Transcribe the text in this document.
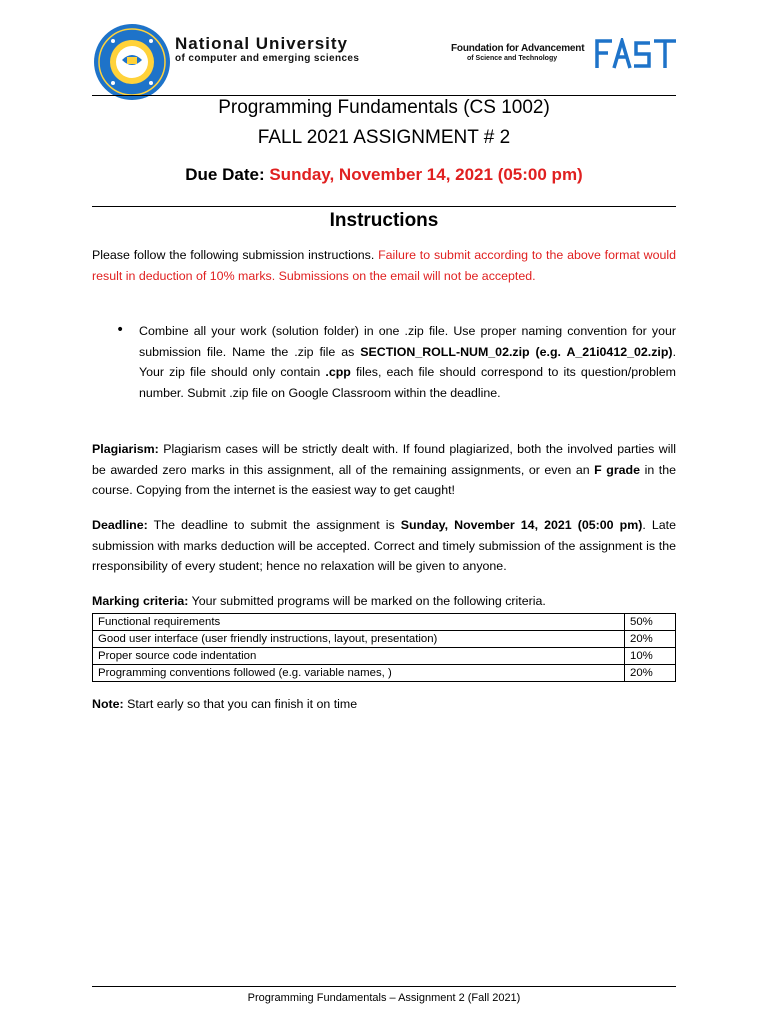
National University
of computer and emerging sciences
Foundation for Advancement
of Science and Technology
Programming Fundamentals (CS 1002)
FALL 2021 ASSIGNMENT # 2
Due Date: Sunday, November 14, 2021 (05:00 pm)
Instructions
Please follow the following submission instructions. Failure to submit according to the above format would result in deduction of 10% marks. Submissions on the email will not be accepted.
• Combine all your work (solution folder) in one .zip file. Use proper naming convention for your submission file. Name the .zip file as SECTION_ROLL-NUM_02.zip (e.g. A_21i0412_02.zip). Your zip file should only contain .cpp files, each file should correspond to its question/problem number. Submit .zip file on Google Classroom within the deadline.
Plagiarism: Plagiarism cases will be strictly dealt with. If found plagiarized, both the involved parties will be awarded zero marks in this assignment, all of the remaining assignments, or even an F grade in the course. Copying from the internet is the easiest way to get caught!
Deadline: The deadline to submit the assignment is Sunday, November 14, 2021 (05:00 pm). Late submission with marks deduction will be accepted. Correct and timely submission of the assignment is the rresponsibility of every student; hence no relaxation will be given to anyone.
Marking criteria: Your submitted programs will be marked on the following criteria.
Functional requirements	50%
Good user interface (user friendly instructions, layout, presentation)	20%
Proper source code indentation	10%
Programming conventions followed (e.g. variable names, )	20%
Note: Start early so that you can finish it on time
Programming Fundamentals – Assignment 2 (Fall 2021)
